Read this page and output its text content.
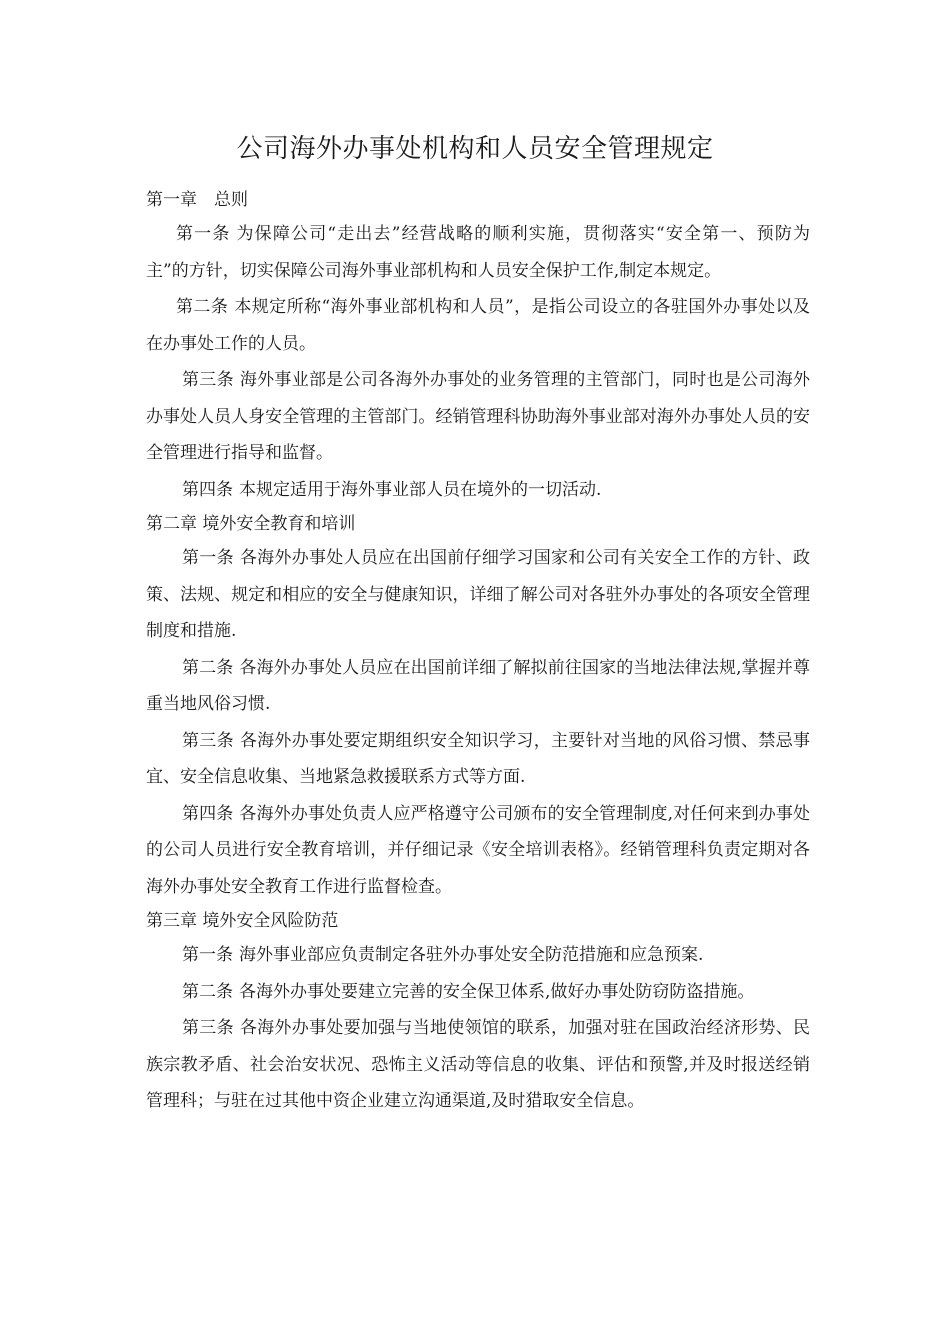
公司海外办事处机构和人员安全管理规定
第一章　总则

第一条 为保障公司“走出去”经营战略的顺利实施，贯彻落实“安全第一、预防为主”的方针，切实保障公司海外事业部机构和人员安全保护工作,制定本规定。

第二条 本规定所称“海外事业部机构和人员”，是指公司设立的各驻国外办事处以及在办事处工作的人员。

第三条 海外事业部是公司各海外办事处的业务管理的主管部门，同时也是公司海外办事处人员人身安全管理的主管部门。经销管理科协助海外事业部对海外办事处人员的安全管理进行指导和监督。

第四条 本规定适用于海外事业部人员在境外的一切活动.

第二章 境外安全教育和培训

第一条 各海外办事处人员应在出国前仔细学习国家和公司有关安全工作的方针、政策、法规、规定和相应的安全与健康知识，详细了解公司对各驻外办事处的各项安全管理制度和措施.

第二条 各海外办事处人员应在出国前详细了解拟前往国家的当地法律法规,掌握并尊重当地风俗习惯.

第三条 各海外办事处要定期组织安全知识学习，主要针对当地的风俗习惯、禁忌事宜、安全信息收集、当地紧急救援联系方式等方面.

第四条 各海外办事处负责人应严格遵守公司颁布的安全管理制度,对任何来到办事处的公司人员进行安全教育培训，并仔细记录《安全培训表格》。经销管理科负责定期对各海外办事处安全教育工作进行监督检查。

第三章 境外安全风险防范

第一条 海外事业部应负责制定各驻外办事处安全防范措施和应急预案.

第二条 各海外办事处要建立完善的安全保卫体系,做好办事处防窃防盗措施。

第三条 各海外办事处要加强与当地使领馆的联系，加强对驻在国政治经济形势、民族宗教矛盾、社会治安状况、恐怖主义活动等信息的收集、评估和预警,并及时报送经销管理科；与驻在过其他中资企业建立沟通渠道,及时猎取安全信息。
